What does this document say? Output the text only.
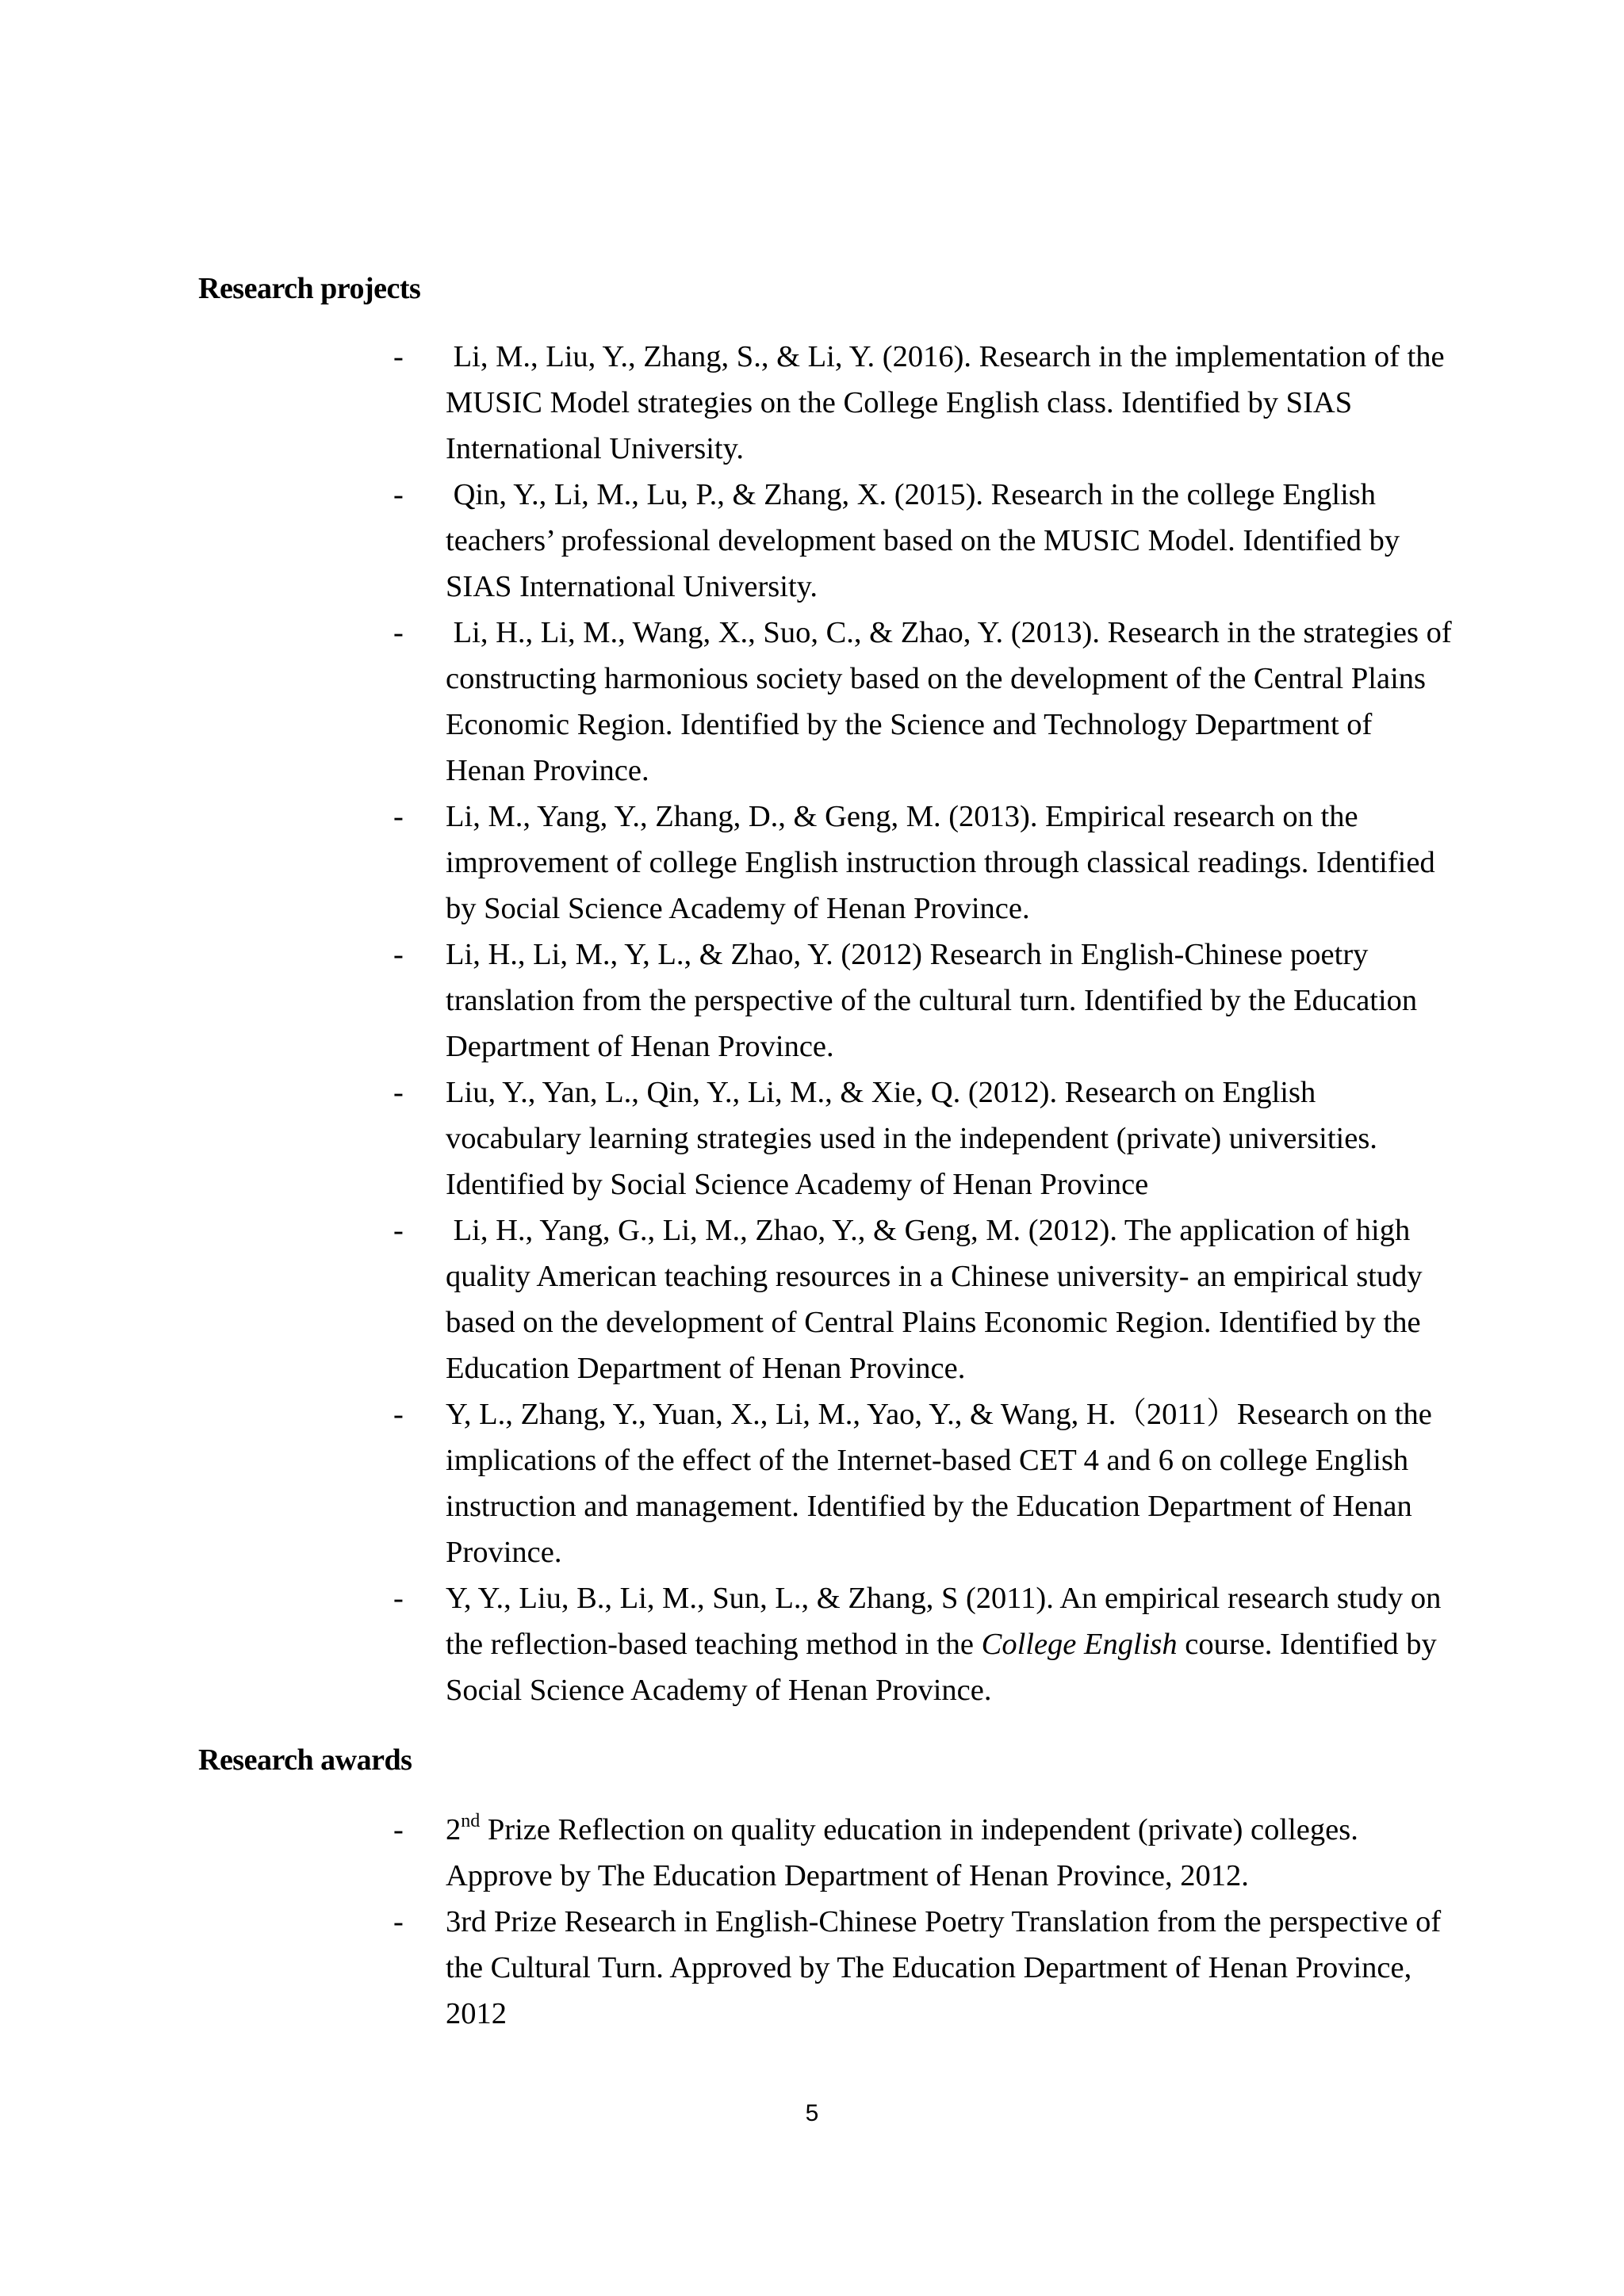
Research projects
- Li, M., Liu, Y., Zhang, S., & Li, Y. (2016). Research in the implementation of the MUSIC Model strategies on the College English class. Identified by SIAS International University.
- Qin, Y., Li, M., Lu, P., & Zhang, X. (2015). Research in the college English teachers’ professional development based on the MUSIC Model. Identified by SIAS International University.
- Li, H., Li, M., Wang, X., Suo, C., & Zhao, Y. (2013). Research in the strategies of constructing harmonious society based on the development of the Central Plains Economic Region. Identified by the Science and Technology Department of Henan Province.
- Li, M., Yang, Y., Zhang, D., & Geng, M. (2013). Empirical research on the improvement of college English instruction through classical readings. Identified by Social Science Academy of Henan Province.
- Li, H., Li, M., Y, L., & Zhao, Y. (2012) Research in English-Chinese poetry translation from the perspective of the cultural turn. Identified by the Education Department of Henan Province.
- Liu, Y., Yan, L., Qin, Y., Li, M., & Xie, Q. (2012). Research on English vocabulary learning strategies used in the independent (private) universities. Identified by Social Science Academy of Henan Province
- Li, H., Yang, G., Li, M., Zhao, Y., & Geng, M. (2012). The application of high quality American teaching resources in a Chinese university- an empirical study based on the development of Central Plains Economic Region. Identified by the Education Department of Henan Province.
- Y, L., Zhang, Y., Yuan, X., Li, M., Yao, Y., & Wang, H.（2011）Research on the implications of the effect of the Internet-based CET 4 and 6 on college English instruction and management. Identified by the Education Department of Henan Province.
- Y, Y., Liu, B., Li, M., Sun, L., & Zhang, S (2011). An empirical research study on the reflection-based teaching method in the College English course. Identified by Social Science Academy of Henan Province.
Research awards
- 2nd Prize Reflection on quality education in independent (private) colleges. Approve by The Education Department of Henan Province, 2012.
- 3rd Prize Research in English-Chinese Poetry Translation from the perspective of the Cultural Turn. Approved by The Education Department of Henan Province, 2012
5
